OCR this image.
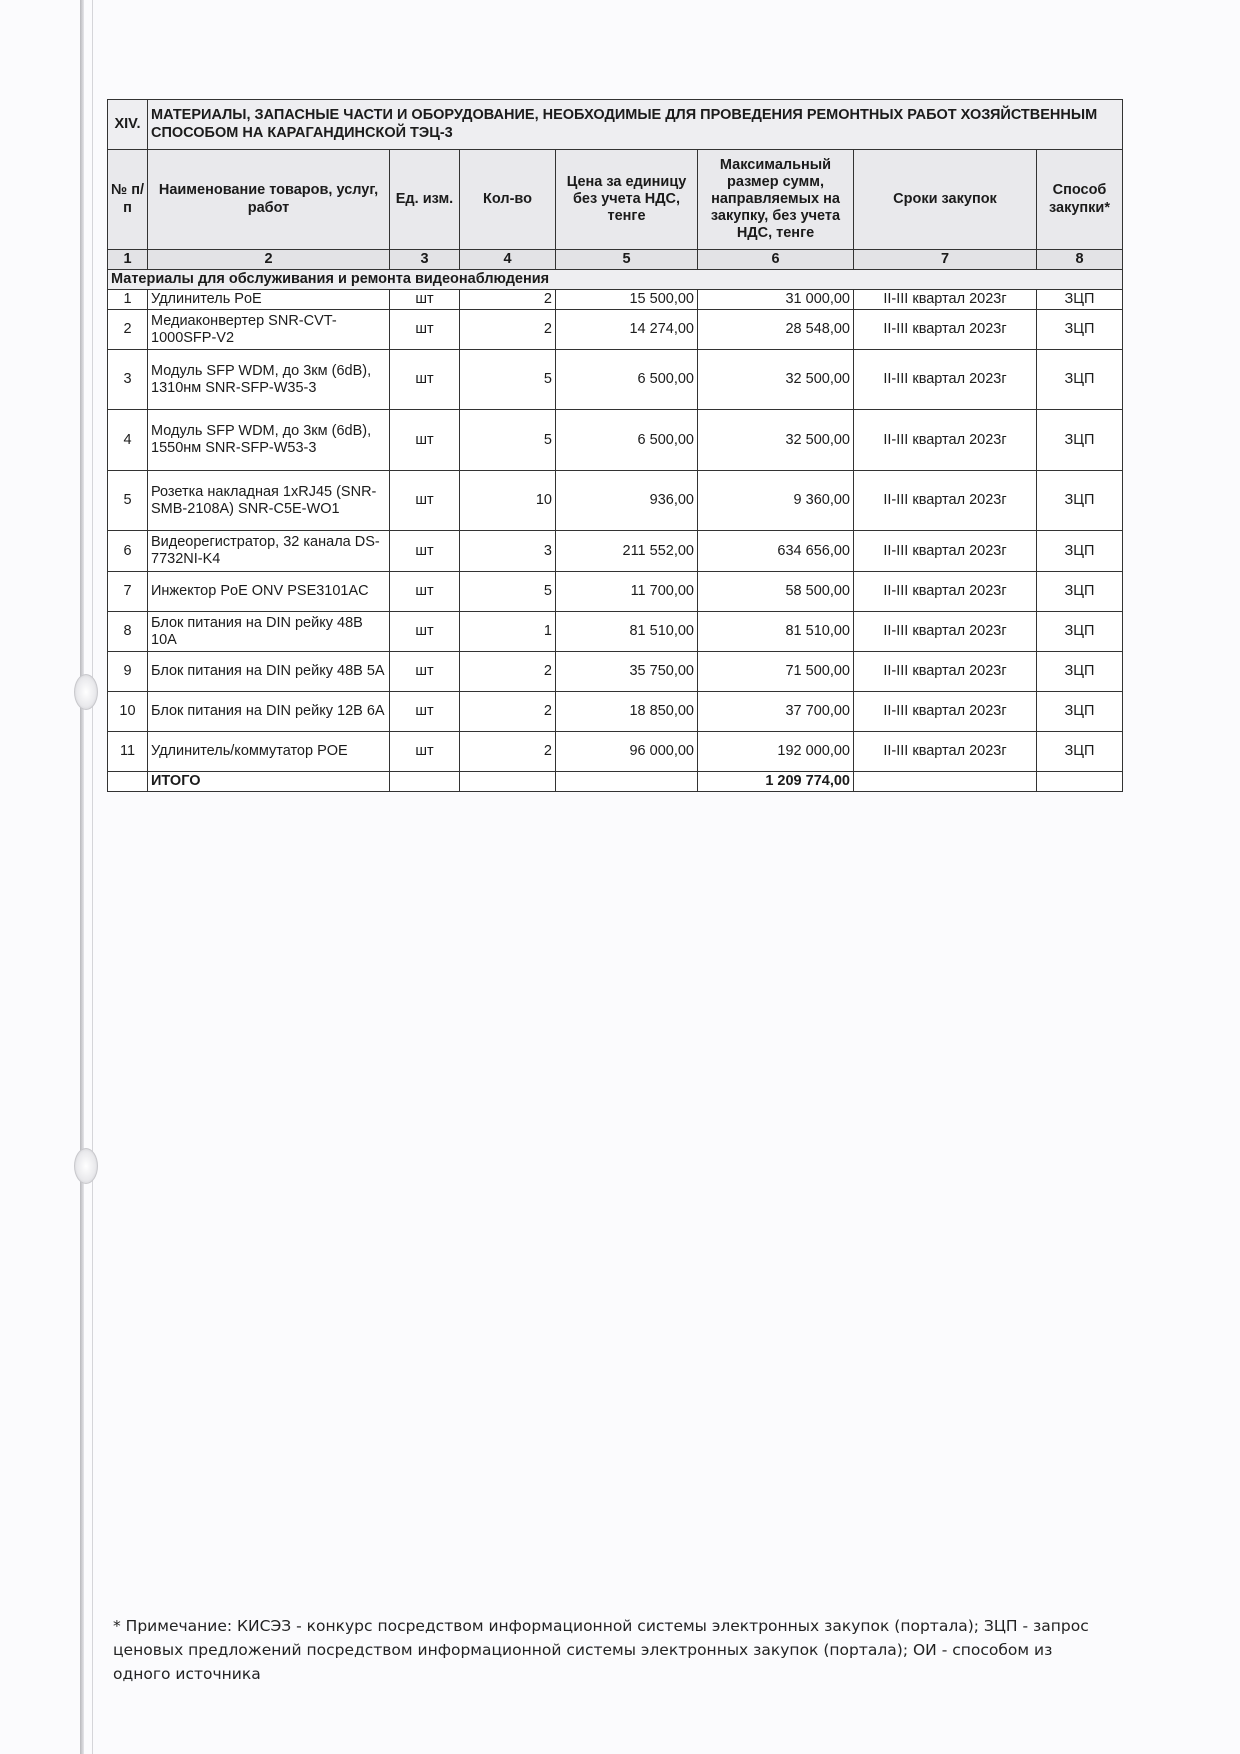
XIV.	МАТЕРИАЛЫ, ЗАПАСНЫЕ ЧАСТИ И ОБОРУДОВАНИЕ, НЕОБХОДИМЫЕ ДЛЯ ПРОВЕДЕНИЯ РЕМОНТНЫХ РАБОТ ХОЗЯЙСТВЕННЫМ СПОСОБОМ НА КАРАГАНДИНСКОЙ ТЭЦ-3						
№ п/п	Наименование товаров, услуг, работ	Ед. изм.	Кол-во	Цена за единицу без учета НДС, тенге	Максимальный размер сумм, направляемых на закупку, без учета НДС, тенге	Сроки закупок	Способ закупки*
1	2	3	4	5	6	7	8
Материалы для обслуживания и ремонта видеонаблюдения							
1	Удлинитель PoE	шт	2	15 500,00	31 000,00	II-III квартал 2023г	ЗЦП
2	Медиаконвертер SNR-CVT-1000SFP-V2	шт	2	14 274,00	28 548,00	II-III квартал 2023г	ЗЦП
3	Модуль SFP WDM, до 3км (6dB), 1310нм SNR-SFP-W35-3	шт	5	6 500,00	32 500,00	II-III квартал 2023г	ЗЦП
4	Модуль SFP WDM, до 3км (6dB), 1550нм SNR-SFP-W53-3	шт	5	6 500,00	32 500,00	II-III квартал 2023г	ЗЦП
5	Розетка накладная 1xRJ45 (SNR-SMB-2108A) SNR-C5E-WO1	шт	10	936,00	9 360,00	II-III квартал 2023г	ЗЦП
6	Видеорегистратор, 32 канала DS-7732NI-K4	шт	3	211 552,00	634 656,00	II-III квартал 2023г	ЗЦП
7	Инжектор PoE ONV PSE3101AC	шт	5	11 700,00	58 500,00	II-III квартал 2023г	ЗЦП
8	Блок питания на DIN рейку 48В 10А	шт	1	81 510,00	81 510,00	II-III квартал 2023г	ЗЦП
9	Блок питания на DIN рейку 48В 5А	шт	2	35 750,00	71 500,00	II-III квартал 2023г	ЗЦП
10	Блок питания на DIN рейку 12В 6А	шт	2	18 850,00	37 700,00	II-III квартал 2023г	ЗЦП
11	Удлинитель/коммутатор POE	шт	2	96 000,00	192 000,00	II-III квартал 2023г	ЗЦП
	ИТОГО				1 209 774,00		
* Примечание: КИСЭЗ - конкурс посредством информационной системы электронных закупок (портала); ЗЦП - запрос ценовых предложений посредством информационной системы электронных закупок (портала); ОИ - способом из одного источника
